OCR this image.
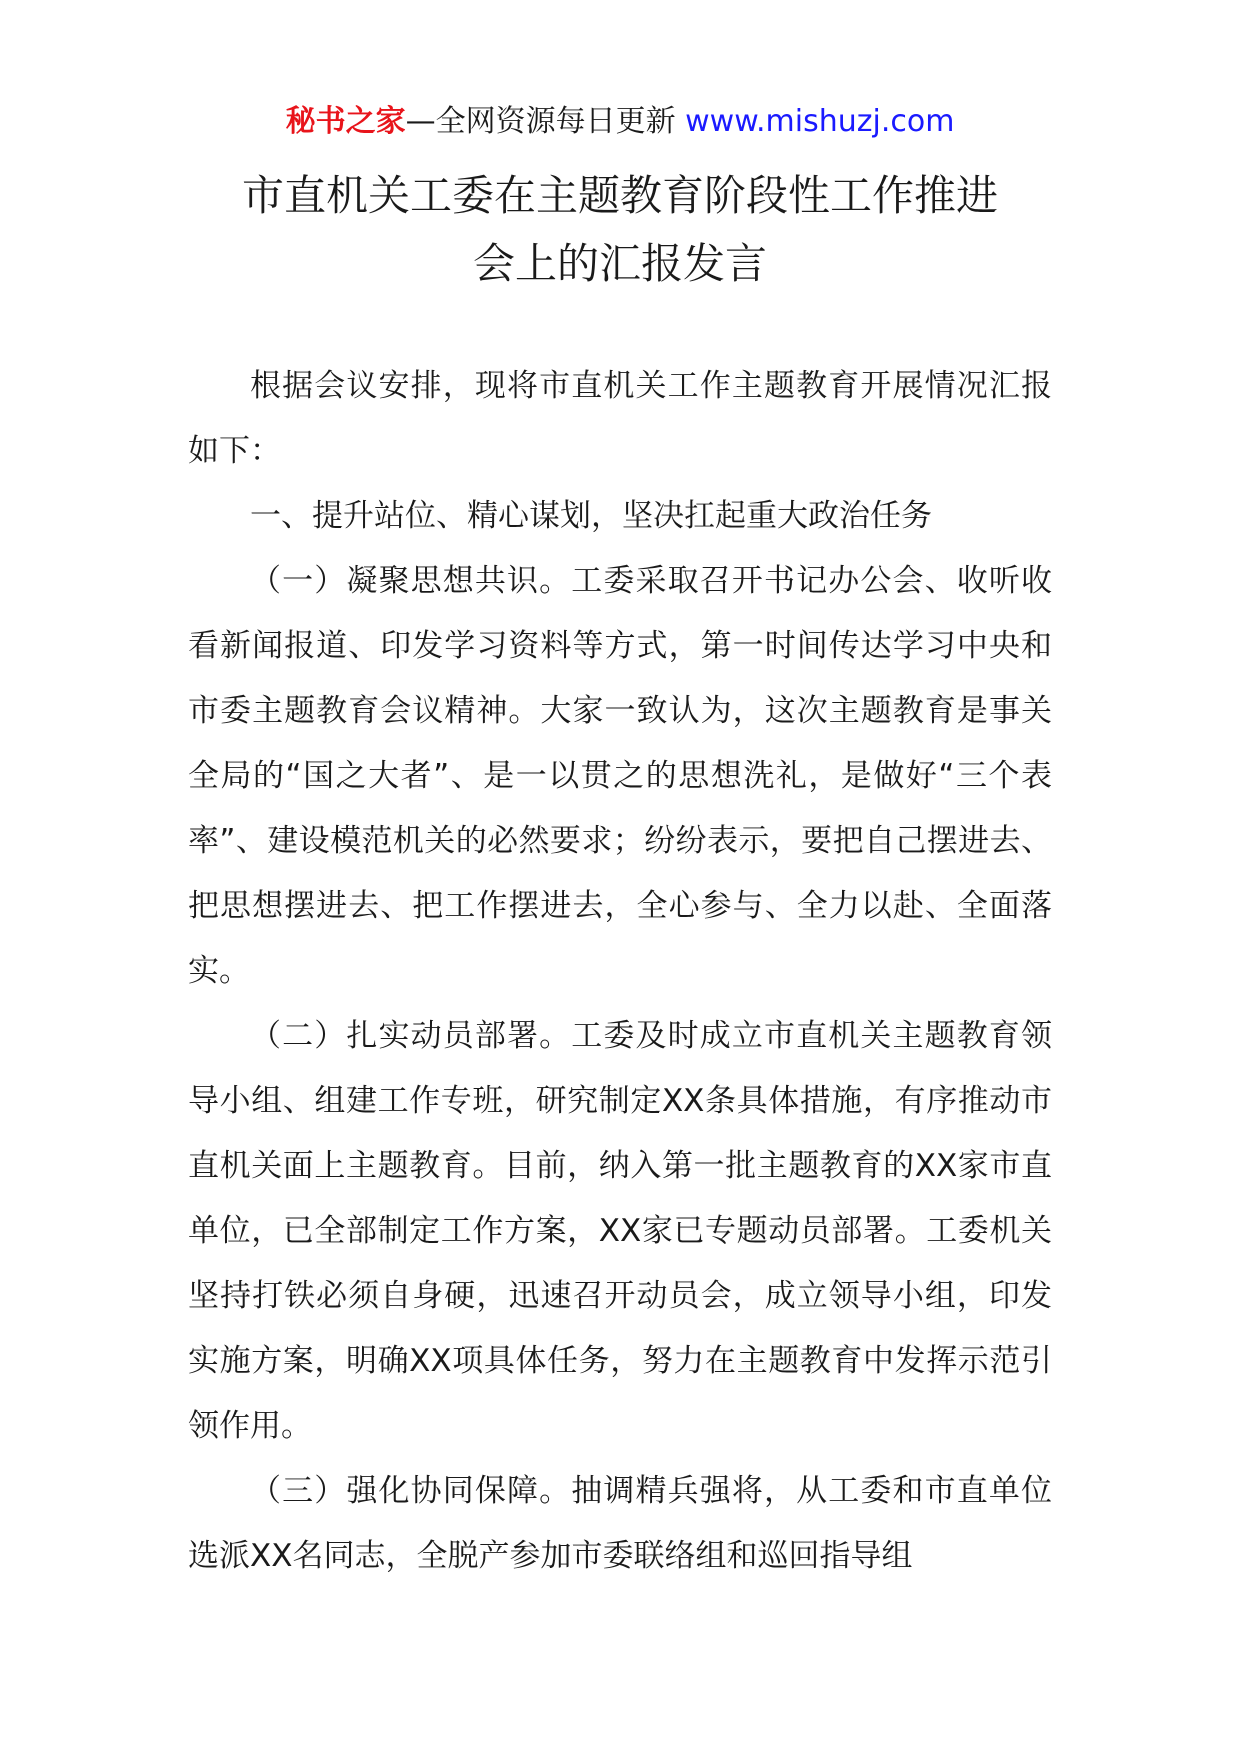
秘书之家—全网资源每日更新 www.mishuzj.com
市直机关工委在主题教育阶段性工作推进
会上的汇报发言

根据会议安排，现将市直机关工作主题教育开展情况汇报如下：

一、提升站位、精心谋划，坚决扛起重大政治任务

（一）凝聚思想共识。工委采取召开书记办公会、收听收看新闻报道、印发学习资料等方式，第一时间传达学习中央和市委主题教育会议精神。大家一致认为，这次主题教育是事关全局的“国之大者”、是一以贯之的思想洗礼，是做好“三个表率”、建设模范机关的必然要求；纷纷表示，要把自己摆进去、把思想摆进去、把工作摆进去，全心参与、全力以赴、全面落实。

（二）扎实动员部署。工委及时成立市直机关主题教育领导小组、组建工作专班，研究制定XX条具体措施，有序推动市直机关面上主题教育。目前，纳入第一批主题教育的XX家市直单位，已全部制定工作方案，XX家已专题动员部署。工委机关坚持打铁必须自身硬，迅速召开动员会，成立领导小组，印发实施方案，明确XX项具体任务，努力在主题教育中发挥示范引领作用。

（三）强化协同保障。抽调精兵强将，从工委和市直单位选派XX名同志，全脱产参加市委联络组和巡回指导组
